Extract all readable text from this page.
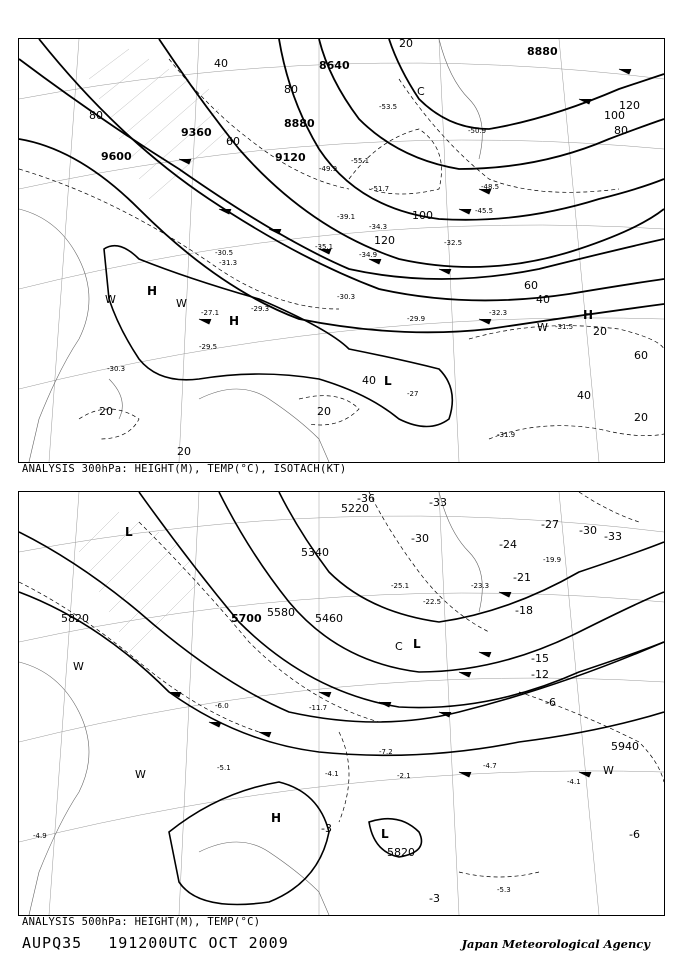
8640
8880
9360
9600	9120
8880
20
40
60
80
100
120
80
100
120
60
40
20
40
20
20
20
60
40
20
80
-53.5
-51.7
-55.1
-50.9
-48.5
-45.5
-49.9
-39.1
-34.3
-32.5
-35.1
-34.9
-30.5
-31.3
-31.5
-29.3
-30.3
-32.3
-29.9
-27.1
-29.5
-30.3
-31.9
-27
H
H	H
L
C
W
W
W
ANALYSIS 300hPa: HEIGHT(M), TEMP(°C), ISOTACH(KT)
5220
5340
5460
5580
5700
5820
5940
5820
-36	-33
-30
-27
-24
-21
-18
-15
-12
-6
-6
-3
-3
-30 -33
-25.1
-22.5
-23.3
-19.9
-11.7
-7.2
-2.1
-4.1
-5.1	-4.7
-4.1
-5.3
-6.0
-4.9
L
L
L
H
W
W
C
W
ANALYSIS 500hPa: HEIGHT(M), TEMP(°C)
AUPQ35 191200UTC OCT 2009	Japan Meteorological Agency
